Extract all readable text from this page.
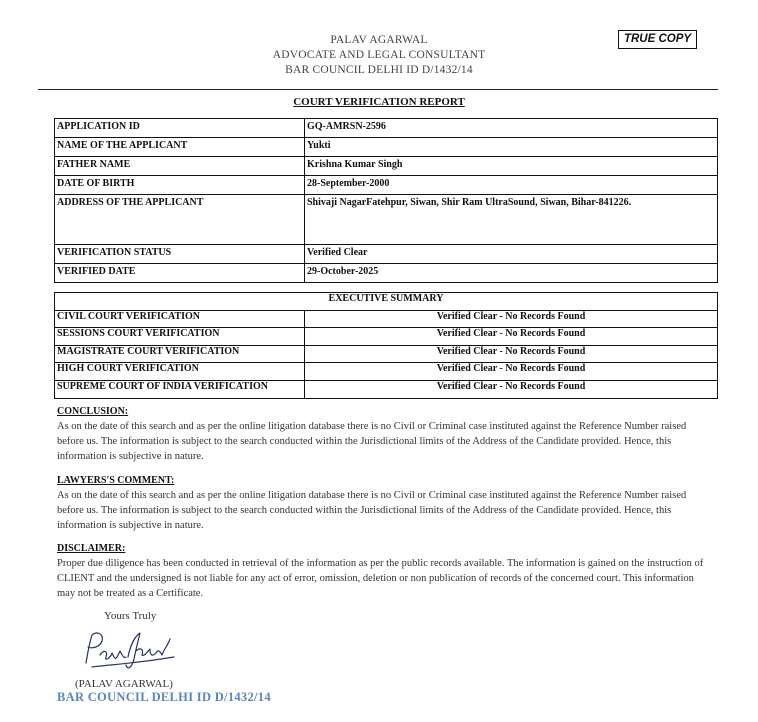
PALAV AGARWAL
ADVOCATE AND LEGAL CONSULTANT
BAR COUNCIL DELHI ID D/1432/14
TRUE COPY
COURT VERIFICATION REPORT
APPLICATION ID	GQ-AMRSN-2596
NAME OF THE APPLICANT	Yukti
FATHER NAME	Krishna Kumar Singh
DATE OF BIRTH	28-September-2000
ADDRESS OF THE APPLICANT	Shivaji NagarFatehpur, Siwan, Shir Ram UltraSound, Siwan, Bihar-841226.
VERIFICATION STATUS	Verified Clear
VERIFIED DATE	29-October-2025
EXECUTIVE SUMMARY	
CIVIL COURT VERIFICATION	Verified Clear - No Records Found
SESSIONS COURT VERIFICATION	Verified Clear - No Records Found
MAGISTRATE COURT VERIFICATION	Verified Clear - No Records Found
HIGH COURT VERIFICATION	Verified Clear - No Records Found
SUPREME COURT OF INDIA VERIFICATION	Verified Clear - No Records Found
CONCLUSION:
As on the date of this search and as per the online litigation database there is no Civil or Criminal case instituted against the Reference Number raised before us. The information is subject to the search conducted within the Jurisdictional limits of the Address of the Candidate provided. Hence, this information is subjective in nature.
LAWYERS'S COMMENT:
As on the date of this search and as per the online litigation database there is no Civil or Criminal case instituted against the Reference Number raised before us. The information is subject to the search conducted within the Jurisdictional limits of the Address of the Candidate provided. Hence, this information is subjective in nature.
DISCLAIMER:
Proper due diligence has been conducted in retrieval of the information as per the public records available. The information is gained on the instruction of CLIENT and the undersigned is not liable for any act of error, omission, deletion or non publication of records of the concerned court. This information may not be treated as a Certificate.
Yours Truly
(PALAV AGARWAL)
BAR COUNCIL DELHI ID D/1432/14
